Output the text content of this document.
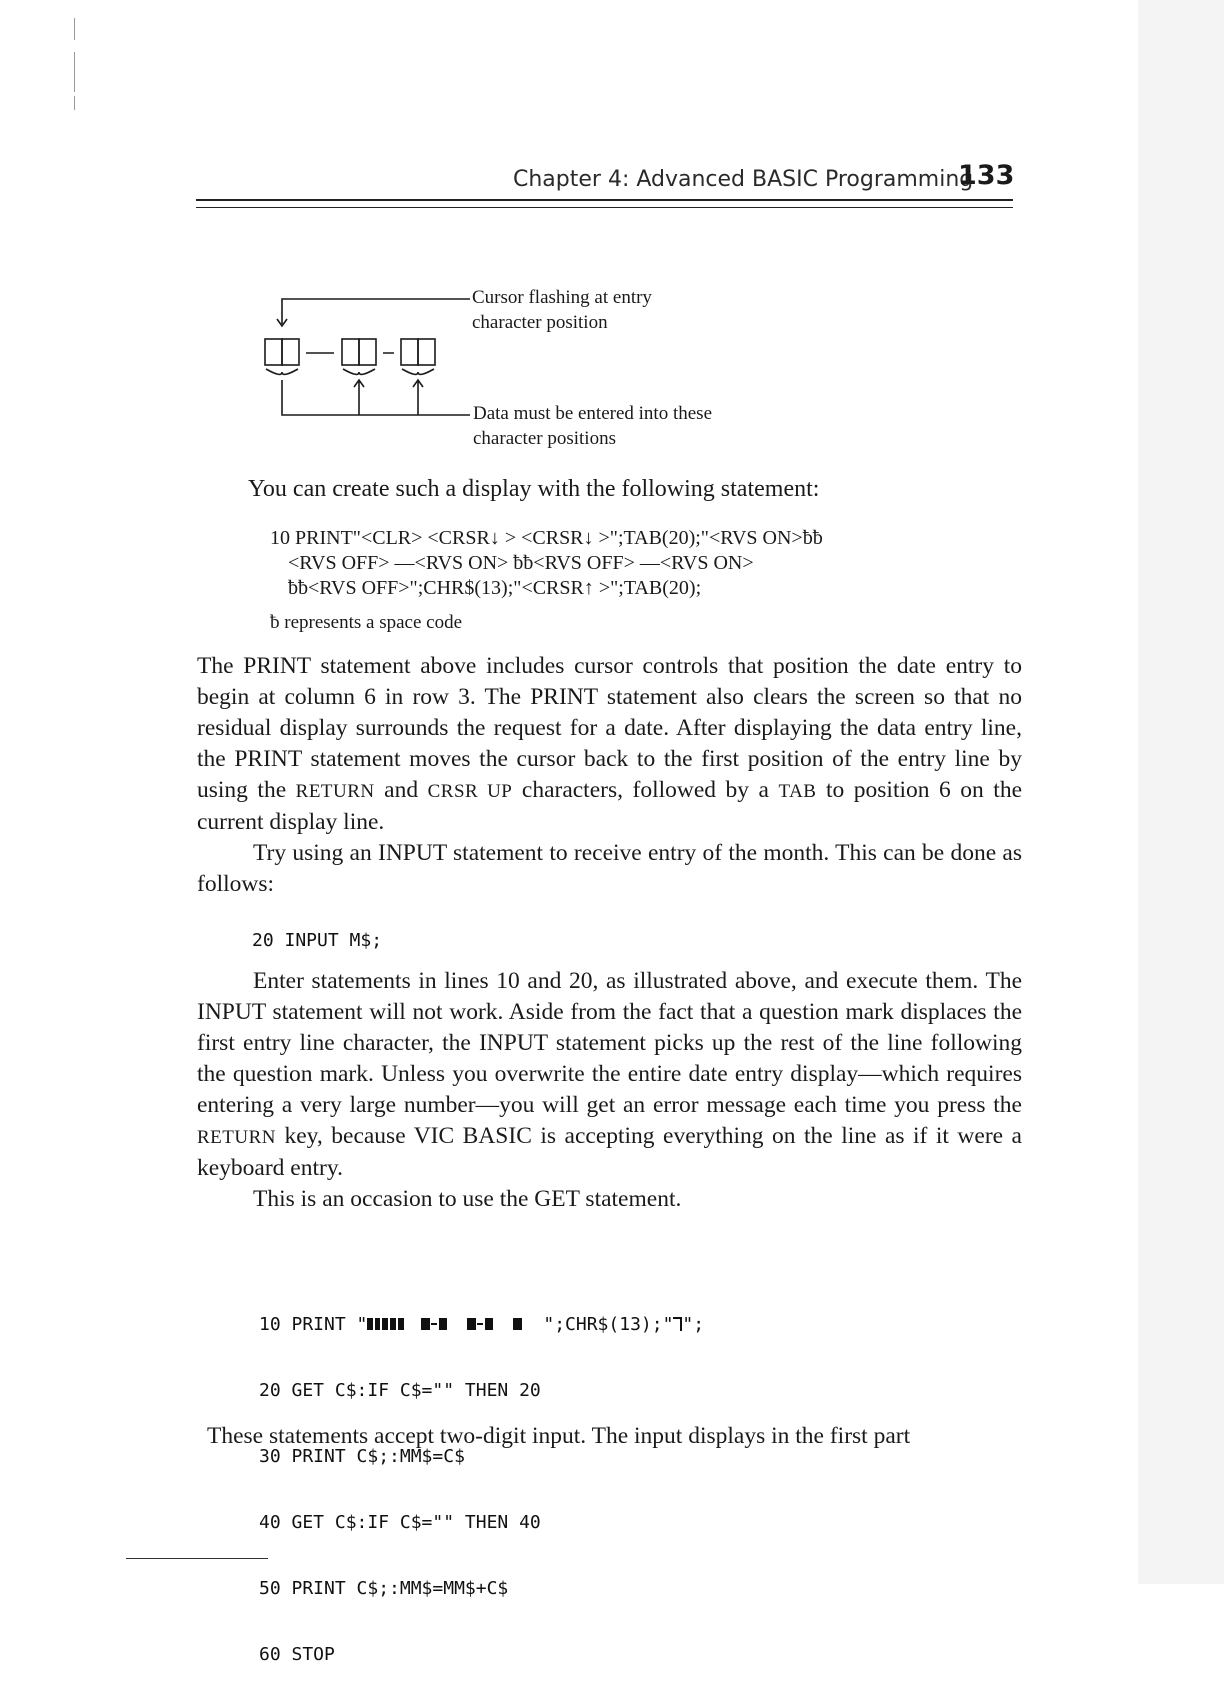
Chapter 4: Advanced BASIC Programming
133
Cursor flashing at entry
character position
Data must be entered into these
character positions
You can create such a display with the following statement:
10 PRINT"<CLR> <CRSR↓ > <CRSR↓ >";TAB(20);"<RVS ON>ƀƀ
<RVS OFF> —<RVS ON> ƀƀ<RVS OFF> —<RVS ON>
ƀƀ<RVS OFF>";CHR$(13);"<CRSR↑ >";TAB(20);
ƀ represents a space code

The PRINT statement above includes cursor controls that position the date entry to begin at column 6 in row 3. The PRINT statement also clears the screen so that no residual display surrounds the request for a date. After displaying the data entry line, the PRINT statement moves the cursor back to the first position of the entry line by using the RETURN and CRSR UP characters, followed by a TAB to position 6 on the current display line.

Try using an INPUT statement to receive entry of the month. This can be done as follows:

20 INPUT M$;

Enter statements in lines 10 and 20, as illustrated above, and execute them. The INPUT statement will not work. Aside from the fact that a question mark displaces the first entry line character, the INPUT statement picks up the rest of the line following the question mark. Unless you overwrite the entire date entry display—which requires entering a very large number—you will get an error message each time you press the RETURN key, because VIC BASIC is accepting everything on the line as if it were a keyboard entry.

This is an occasion to use the GET statement.

10 PRINT "	";CHR$(13);" ";

20 GET C$:IF C$="" THEN 20

30 PRINT C$;:MM$=C$

40 GET C$:IF C$="" THEN 40

50 PRINT C$;:MM$=MM$+C$

60 STOP

These statements accept two-digit input. The input displays in the first part
